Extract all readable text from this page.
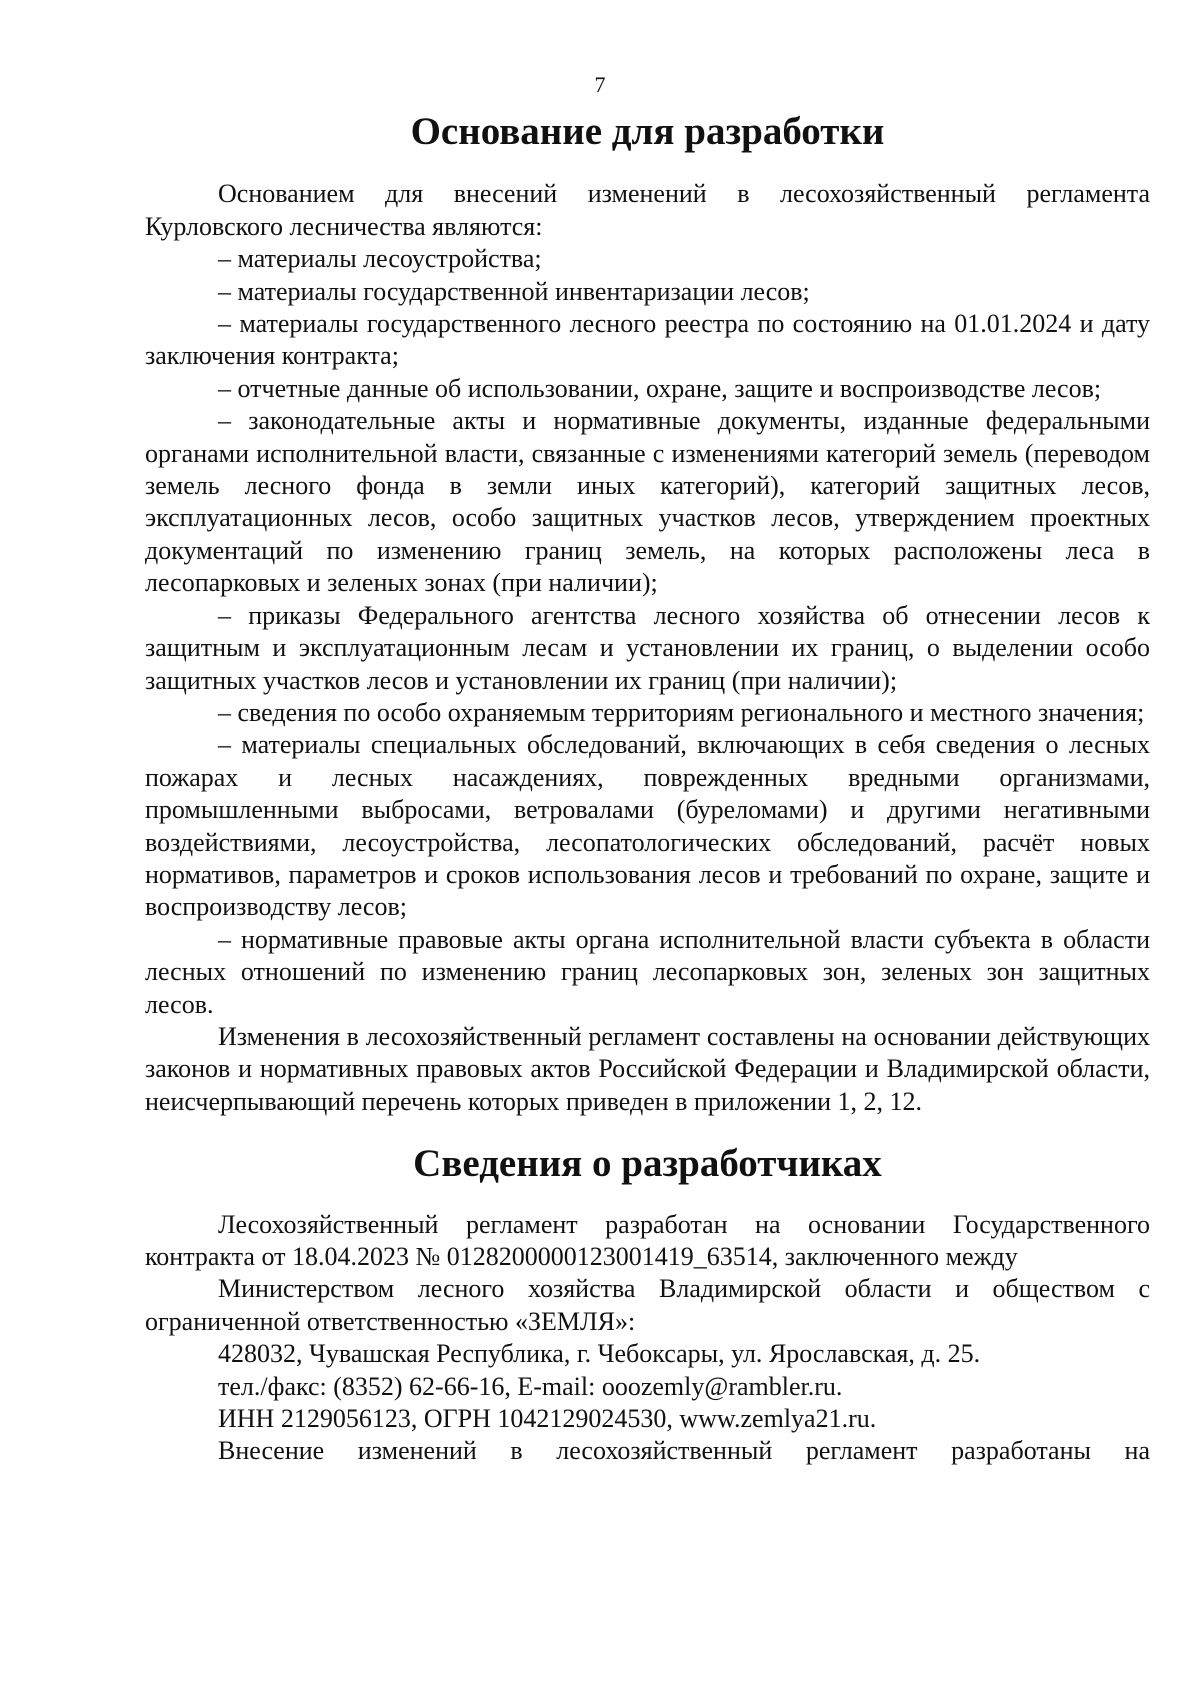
7
Основание для разработки

Основанием для внесений изменений в лесохозяйственный регламента Курловского лесничества являются:

– материалы лесоустройства;

– материалы государственной инвентаризации лесов;

– материалы государственного лесного реестра по состоянию на 01.01.2024 и дату заключения контракта;

– отчетные данные об использовании, охране, защите и воспроизводстве лесов;

– законодательные акты и нормативные документы, изданные федеральными органами исполнительной власти, связанные с изменениями категорий земель (переводом земель лесного фонда в земли иных категорий), категорий защитных лесов, эксплуатационных лесов, особо защитных участков лесов, утверждением проектных документаций по изменению границ земель, на которых расположены леса в лесопарковых и зеленых зонах (при наличии);

– приказы Федерального агентства лесного хозяйства об отнесении лесов к защитным и эксплуатационным лесам и установлении их границ, о выделении особо защитных участков лесов и установлении их границ (при наличии);

– сведения по особо охраняемым территориям регионального и местного значения;

– материалы специальных обследований, включающих в себя сведения о лесных пожарах и лесных насаждениях, поврежденных вредными организмами, промышленными выбросами, ветровалами (буреломами) и другими негативными воздействиями, лесоустройства, лесопатологических обследований, расчёт новых нормативов, параметров и сроков использования лесов и требований по охране, защите и воспроизводству лесов;

– нормативные правовые акты органа исполнительной власти субъекта в области лесных отношений по изменению границ лесопарковых зон, зеленых зон защитных лесов.

Изменения в лесохозяйственный регламент составлены на основании действующих законов и нормативных правовых актов Российской Федерации и Владимирской области, неисчерпывающий перечень которых приведен в приложении 1, 2, 12.

Сведения о разработчиках

Лесохозяйственный регламент разработан на основании Государственного контракта от 18.04.2023 № 0128200000123001419_63514, заключенного между

Министерством лесного хозяйства Владимирской области и обществом с ограниченной ответственностью «ЗЕМЛЯ»:

428032, Чувашская Республика, г. Чебоксары, ул. Ярославская, д. 25.

тел./факс: (8352) 62-66-16, E-mail: ooozemly@rambler.ru.

ИНН 2129056123, ОГРН 1042129024530, www.zemlya21.ru.

Внесение изменений в лесохозяйственный регламент разработаны на
